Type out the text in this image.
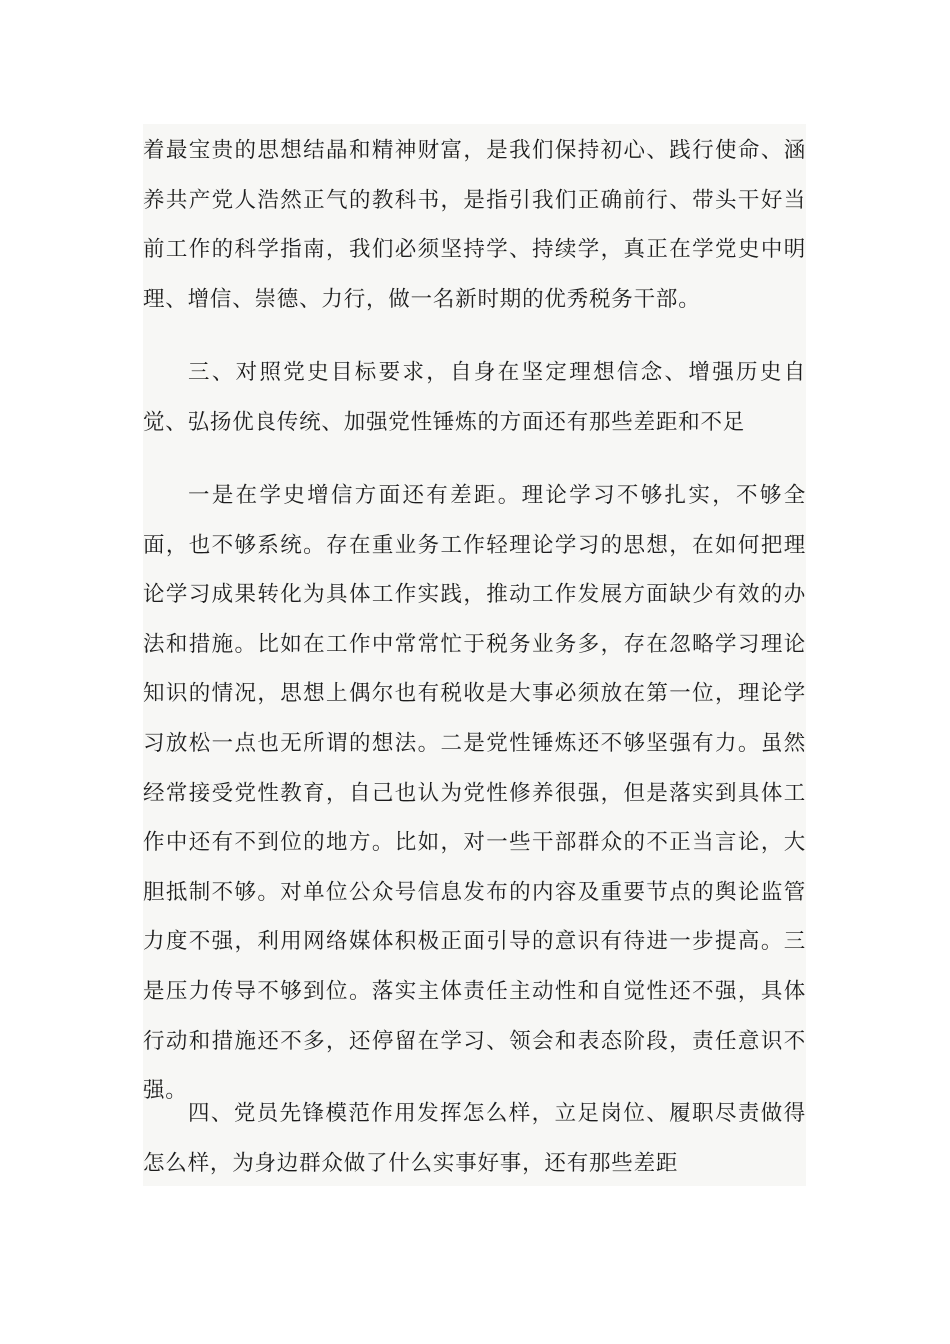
着最宝贵的思想结晶和精神财富，是我们保持初心、践行使命、涵养共产党人浩然正气的教科书，是指引我们正确前行、带头干好当前工作的科学指南，我们必须坚持学、持续学，真正在学党史中明理、增信、崇德、力行，做一名新时期的优秀税务干部。

三、对照党史目标要求，自身在坚定理想信念、增强历史自觉、弘扬优良传统、加强党性锤炼的方面还有那些差距和不足

一是在学史增信方面还有差距。理论学习不够扎实，不够全面，也不够系统。存在重业务工作轻理论学习的思想，在如何把理论学习成果转化为具体工作实践，推动工作发展方面缺少有效的办法和措施。比如在工作中常常忙于税务业务多，存在忽略学习理论知识的情况，思想上偶尔也有税收是大事必须放在第一位，理论学习放松一点也无所谓的想法。二是党性锤炼还不够坚强有力。虽然经常接受党性教育，自己也认为党性修养很强，但是落实到具体工作中还有不到位的地方。比如，对一些干部群众的不正当言论，大胆抵制不够。对单位公众号信息发布的内容及重要节点的舆论监管力度不强，利用网络媒体积极正面引导的意识有待进一步提高。三是压力传导不够到位。落实主体责任主动性和自觉性还不强，具体行动和措施还不多，还停留在学习、领会和表态阶段，责任意识不强。

四、党员先锋模范作用发挥怎么样，立足岗位、履职尽责做得怎么样，为身边群众做了什么实事好事，还有那些差距
